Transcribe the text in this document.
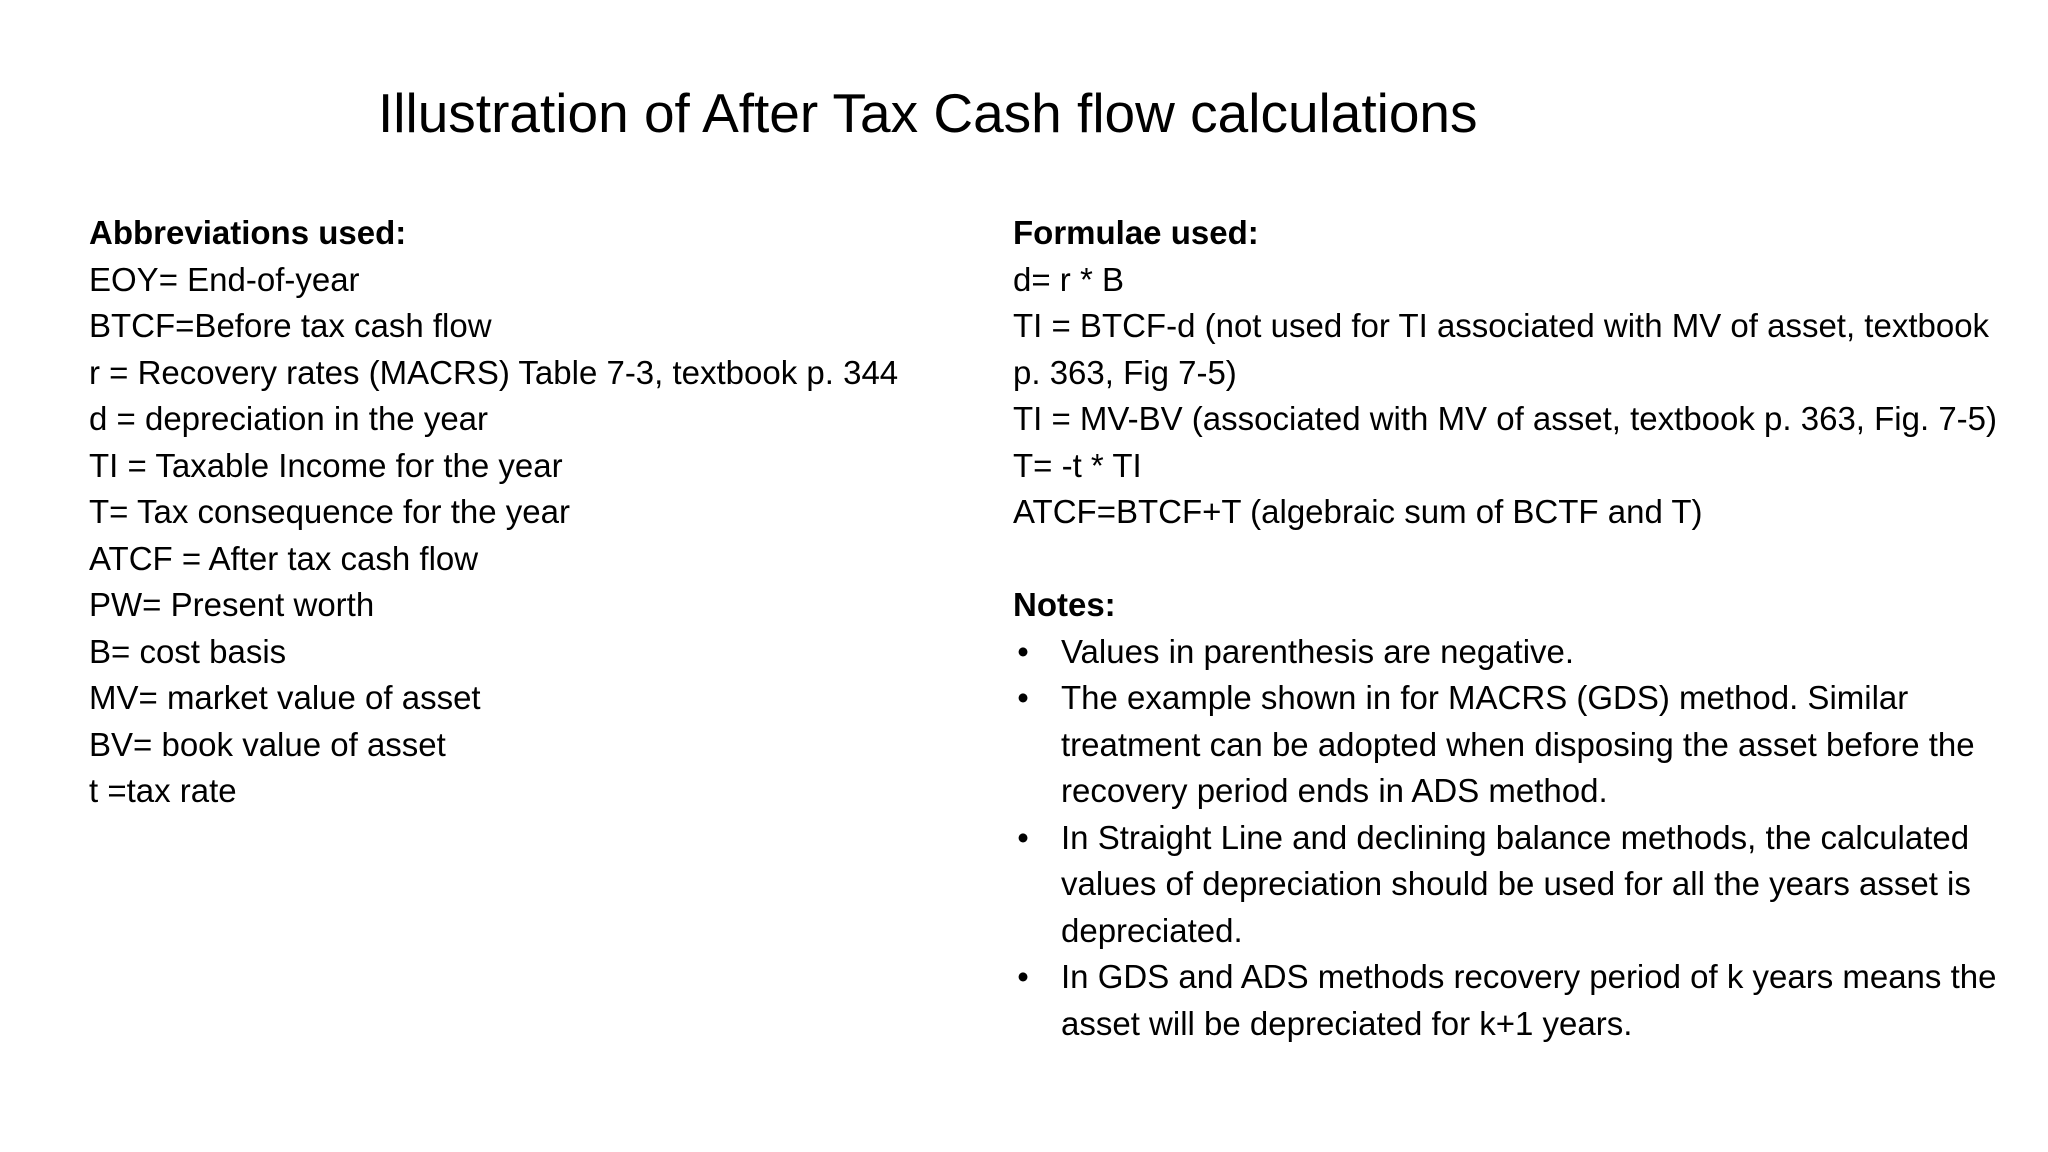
Illustration of After Tax Cash flow calculations
Abbreviations used:
EOY= End-of-year
BTCF=Before tax cash flow
r = Recovery rates (MACRS) Table 7-3, textbook p. 344
d = depreciation in the year
TI = Taxable Income for the year
T= Tax consequence for the year
ATCF = After tax cash flow
PW= Present worth
B= cost basis
MV= market value of asset
BV= book value of asset
t =tax rate
Formulae used:
d= r * B
TI = BTCF-d (not used for TI associated with MV of asset, textbook p. 363, Fig 7-5)
TI = MV-BV (associated with MV of asset, textbook p. 363, Fig. 7-5)
T= -t * TI
ATCF=BTCF+T (algebraic sum of BCTF and T)
Notes:
• Values in parenthesis are negative.
• The example shown in for MACRS (GDS) method. Similar treatment can be adopted when disposing the asset before the recovery period ends in ADS method.
• In Straight Line and declining balance methods, the calculated values of depreciation should be used for all the years asset is depreciated.
• In GDS and ADS methods recovery period of k years means the asset will be depreciated for k+1 years.
